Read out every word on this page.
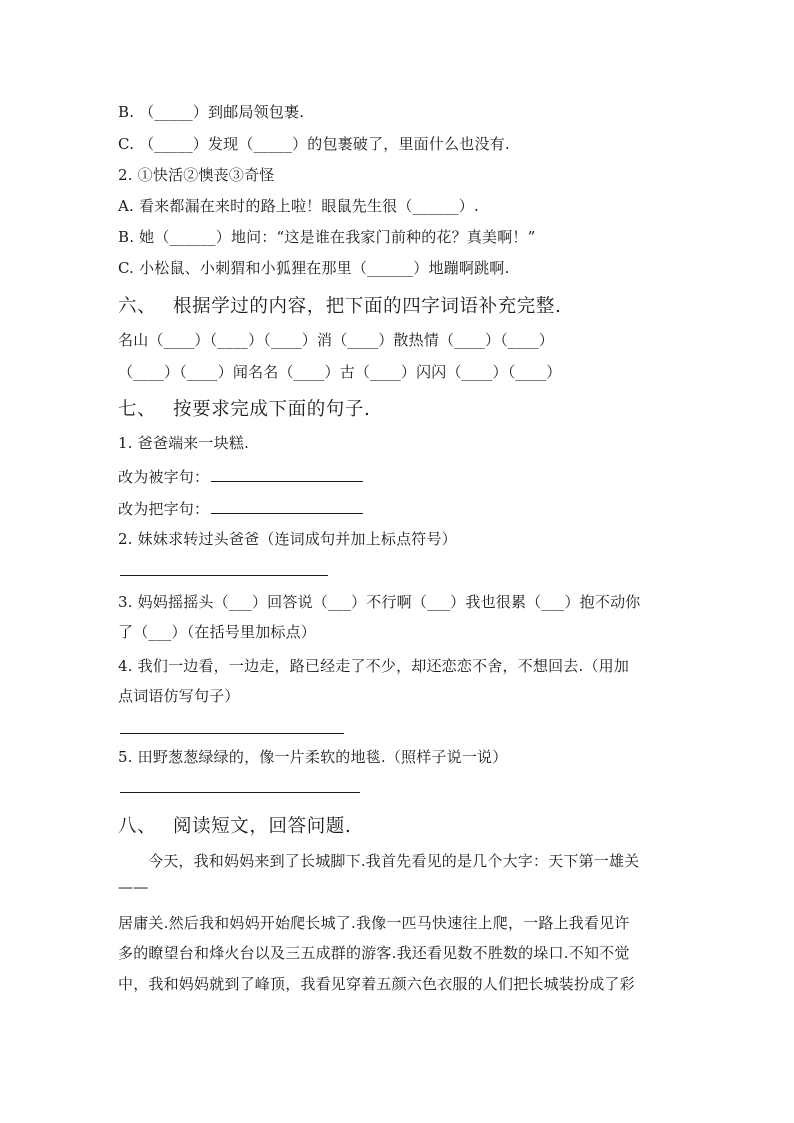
B. （_____）到邮局领包裹.
C. （_____）发现（_____）的包裹破了，里面什么也没有.
2. ①快活②懊丧③奇怪
A. 看来都漏在来时的路上啦！眼鼠先生很（______）.
B. 她（______）地问：“这是谁在我家门前种的花？真美啊！”
C. 小松鼠、小刺猬和小狐狸在那里（______）地蹦啊跳啊.
六、 根据学过的内容，把下面的四字词语补充完整.
名山（____）（____）（____）消（____）散热情（____）（____）
（____）（____）闻名名（____）古（____）闪闪（____）（____）
七、 按要求完成下面的句子.
1. 爸爸端来一块糕.
改为被字句：
改为把字句：
2. 妹妹求转过头爸爸（连词成句并加上标点符号）
3. 妈妈摇摇头（___）回答说（___）不行啊（___）我也很累（___）抱不动你
了（___）（在括号里加标点）
4. 我们一边看，一边走，路已经走了不少，却还恋恋不舍，不想回去.（用加
点词语仿写句子）
5. 田野葱葱绿绿的，像一片柔软的地毯.（照样子说一说）
八、 阅读短文，回答问题.
今天，我和妈妈来到了长城脚下.我首先看见的是几个大字：天下第一雄关
——
居庸关.然后我和妈妈开始爬长城了.我像一匹马快速往上爬，一路上我看见许
多的瞭望台和烽火台以及三五成群的游客.我还看见数不胜数的垛口.不知不觉
中，我和妈妈就到了峰顶，我看见穿着五颜六色衣服的人们把长城装扮成了彩
